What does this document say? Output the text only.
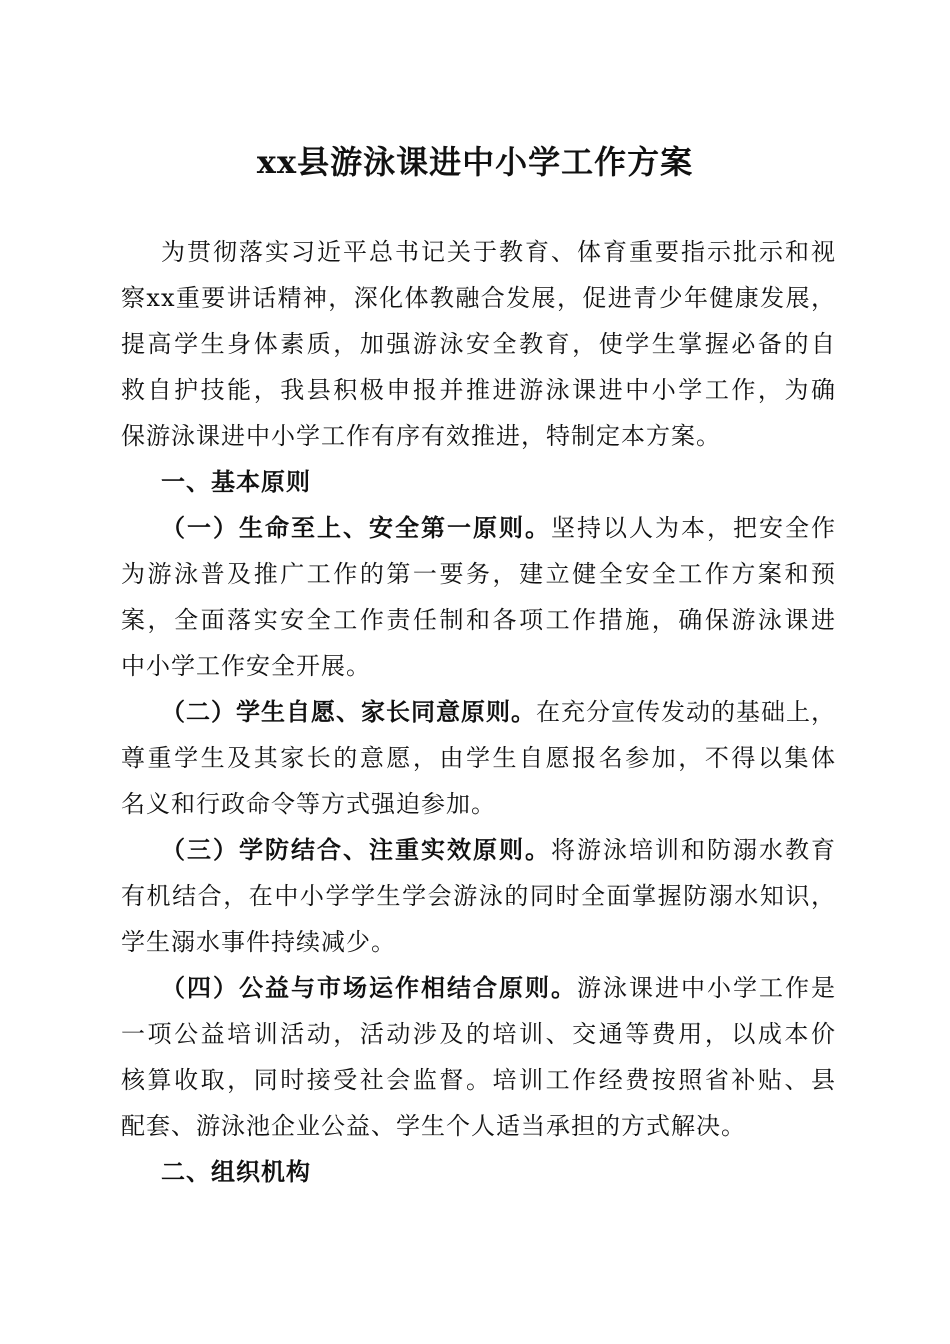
xx县游泳课进中小学工作方案
为贯彻落实习近平总书记关于教育、体育重要指示批示和视
察xx重要讲话精神，深化体教融合发展，促进青少年健康发展，
提高学生身体素质，加强游泳安全教育，使学生掌握必备的自
救自护技能，我县积极申报并推进游泳课进中小学工作，为确
保游泳课进中小学工作有序有效推进，特制定本方案。
一、基本原则
（一）生命至上、安全第一原则。坚持以人为本，把安全作
为游泳普及推广工作的第一要务，建立健全安全工作方案和预
案，全面落实安全工作责任制和各项工作措施，确保游泳课进
中小学工作安全开展。
（二）学生自愿、家长同意原则。在充分宣传发动的基础上，
尊重学生及其家长的意愿，由学生自愿报名参加，不得以集体
名义和行政命令等方式强迫参加。
（三）学防结合、注重实效原则。将游泳培训和防溺水教育
有机结合，在中小学学生学会游泳的同时全面掌握防溺水知识，
学生溺水事件持续减少。
（四）公益与市场运作相结合原则。游泳课进中小学工作是
一项公益培训活动，活动涉及的培训、交通等费用，以成本价
核算收取，同时接受社会监督。培训工作经费按照省补贴、县
配套、游泳池企业公益、学生个人适当承担的方式解决。
二、组织机构
